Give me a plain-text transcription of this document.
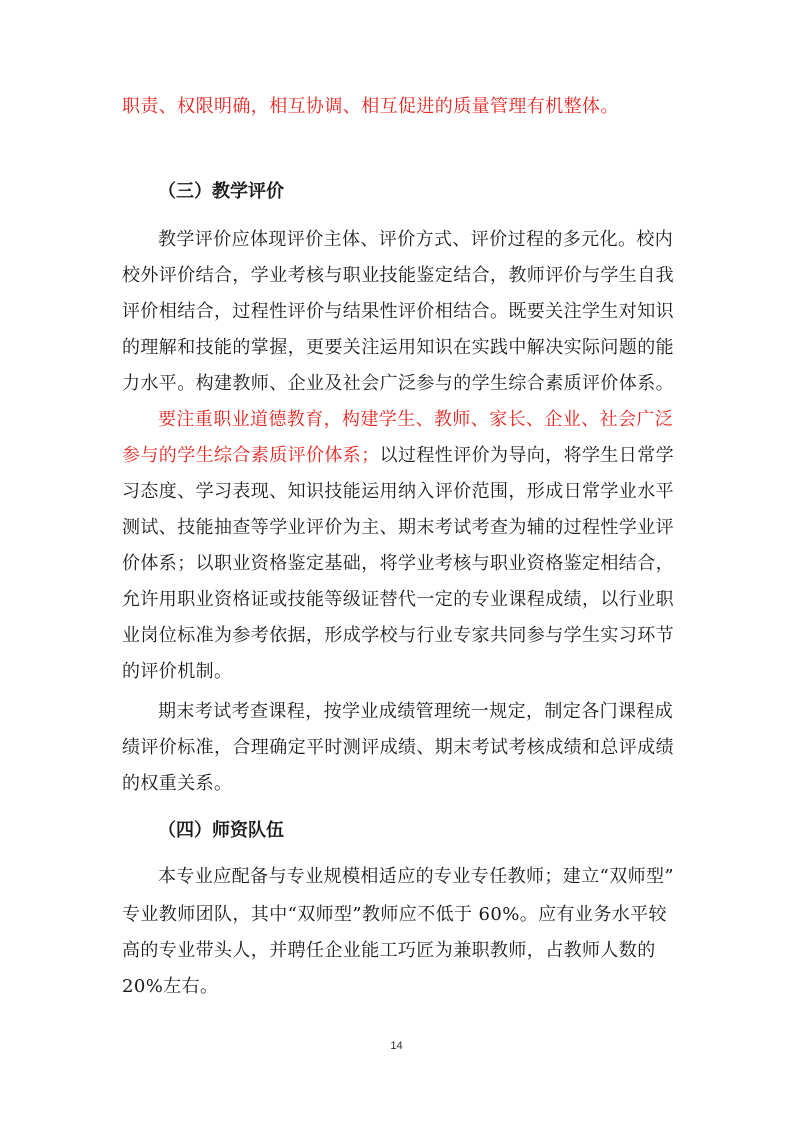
职责、权限明确，相互协调、相互促进的质量管理有机整体。
（三）教学评价
教学评价应体现评价主体、评价方式、评价过程的多元化。校内
校外评价结合，学业考核与职业技能鉴定结合，教师评价与学生自我
评价相结合，过程性评价与结果性评价相结合。既要关注学生对知识
的理解和技能的掌握，更要关注运用知识在实践中解决实际问题的能
力水平。构建教师、企业及社会广泛参与的学生综合素质评价体系。
要注重职业道德教育，构建学生、教师、家长、企业、社会广泛
参与的学生综合素质评价体系；以过程性评价为导向，将学生日常学
习态度、学习表现、知识技能运用纳入评价范围，形成日常学业水平
测试、技能抽查等学业评价为主、期末考试考查为辅的过程性学业评
价体系；以职业资格鉴定基础，将学业考核与职业资格鉴定相结合，
允许用职业资格证或技能等级证替代一定的专业课程成绩，以行业职
业岗位标准为参考依据，形成学校与行业专家共同参与学生实习环节
的评价机制。
期末考试考查课程，按学业成绩管理统一规定，制定各门课程成
绩评价标准，合理确定平时测评成绩、期末考试考核成绩和总评成绩
的权重关系。
（四）师资队伍
本专业应配备与专业规模相适应的专业专任教师；建立“双师型”
专业教师团队，其中“双师型”教师应不低于 60%。应有业务水平较
高的专业带头人，并聘任企业能工巧匠为兼职教师，占教师人数的
20%左右。
14
